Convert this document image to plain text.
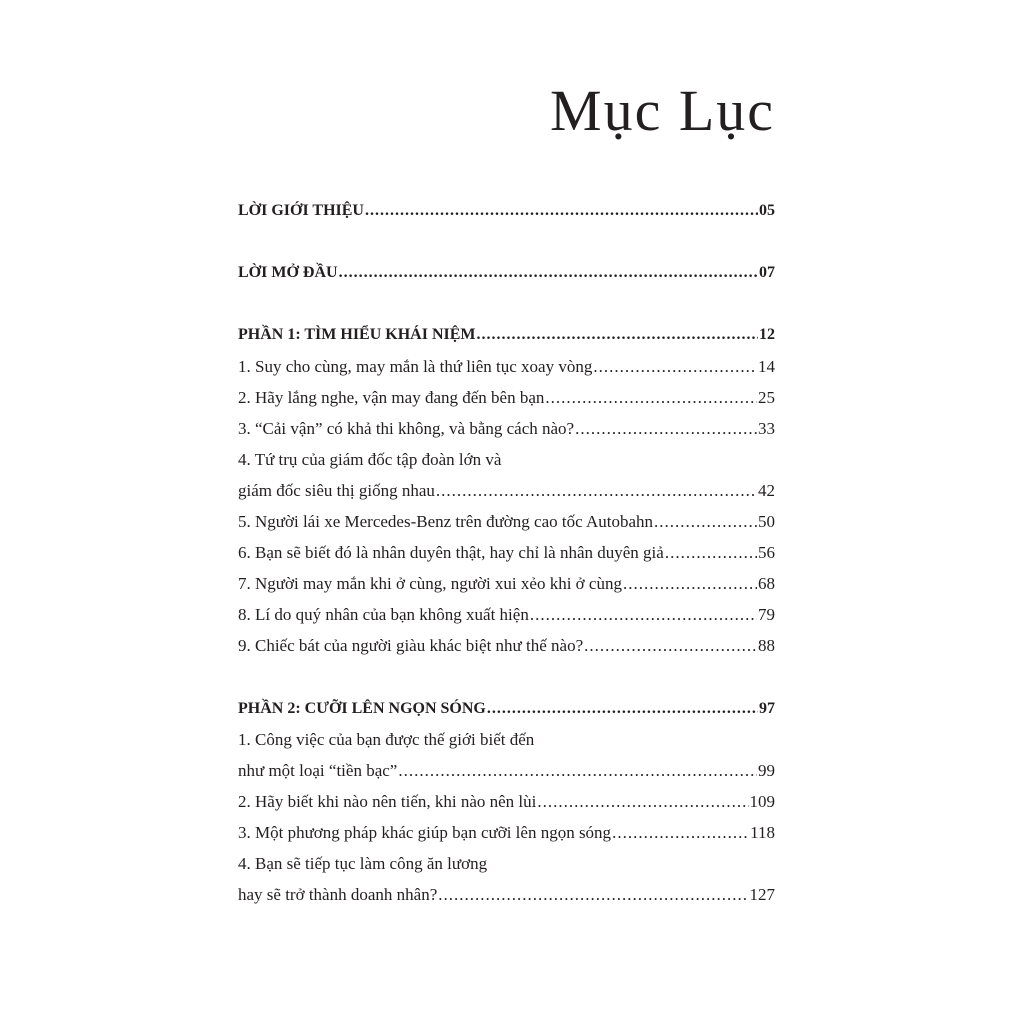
Mục Lục
LỜI GIỚI THIỆU .....	05
LỜI MỞ ĐẦU .....	07
PHẦN 1: TÌM HIỂU KHÁI NIỆM .....	12
1. Suy cho cùng, may mắn là thứ liên tục xoay vòng .....	14
2. Hãy lắng nghe, vận may đang đến bên bạn .....	25
3. “Cải vận” có khả thi không, và bằng cách nào? .....	33
4. Tứ trụ của giám đốc tập đoàn lớn và
giám đốc siêu thị giống nhau .....	42
5. Người lái xe Mercedes-Benz trên đường cao tốc Autobahn .....	50
6. Bạn sẽ biết đó là nhân duyên thật, hay chỉ là nhân duyên giả .....	56
7. Người may mắn khi ở cùng, người xui xẻo khi ở cùng .....	68
8. Lí do quý nhân của bạn không xuất hiện .....	79
9. Chiếc bát của người giàu khác biệt như thế nào? .....	88
PHẦN 2: CƯỠI LÊN NGỌN SÓNG .....	97
1. Công việc của bạn được thế giới biết đến
như một loại “tiền bạc” .....	99
2. Hãy biết khi nào nên tiến, khi nào nên lùi .....	109
3. Một phương pháp khác giúp bạn cưỡi lên ngọn sóng .....	118
4. Bạn sẽ tiếp tục làm công ăn lương
hay sẽ trở thành doanh nhân? .....	127
